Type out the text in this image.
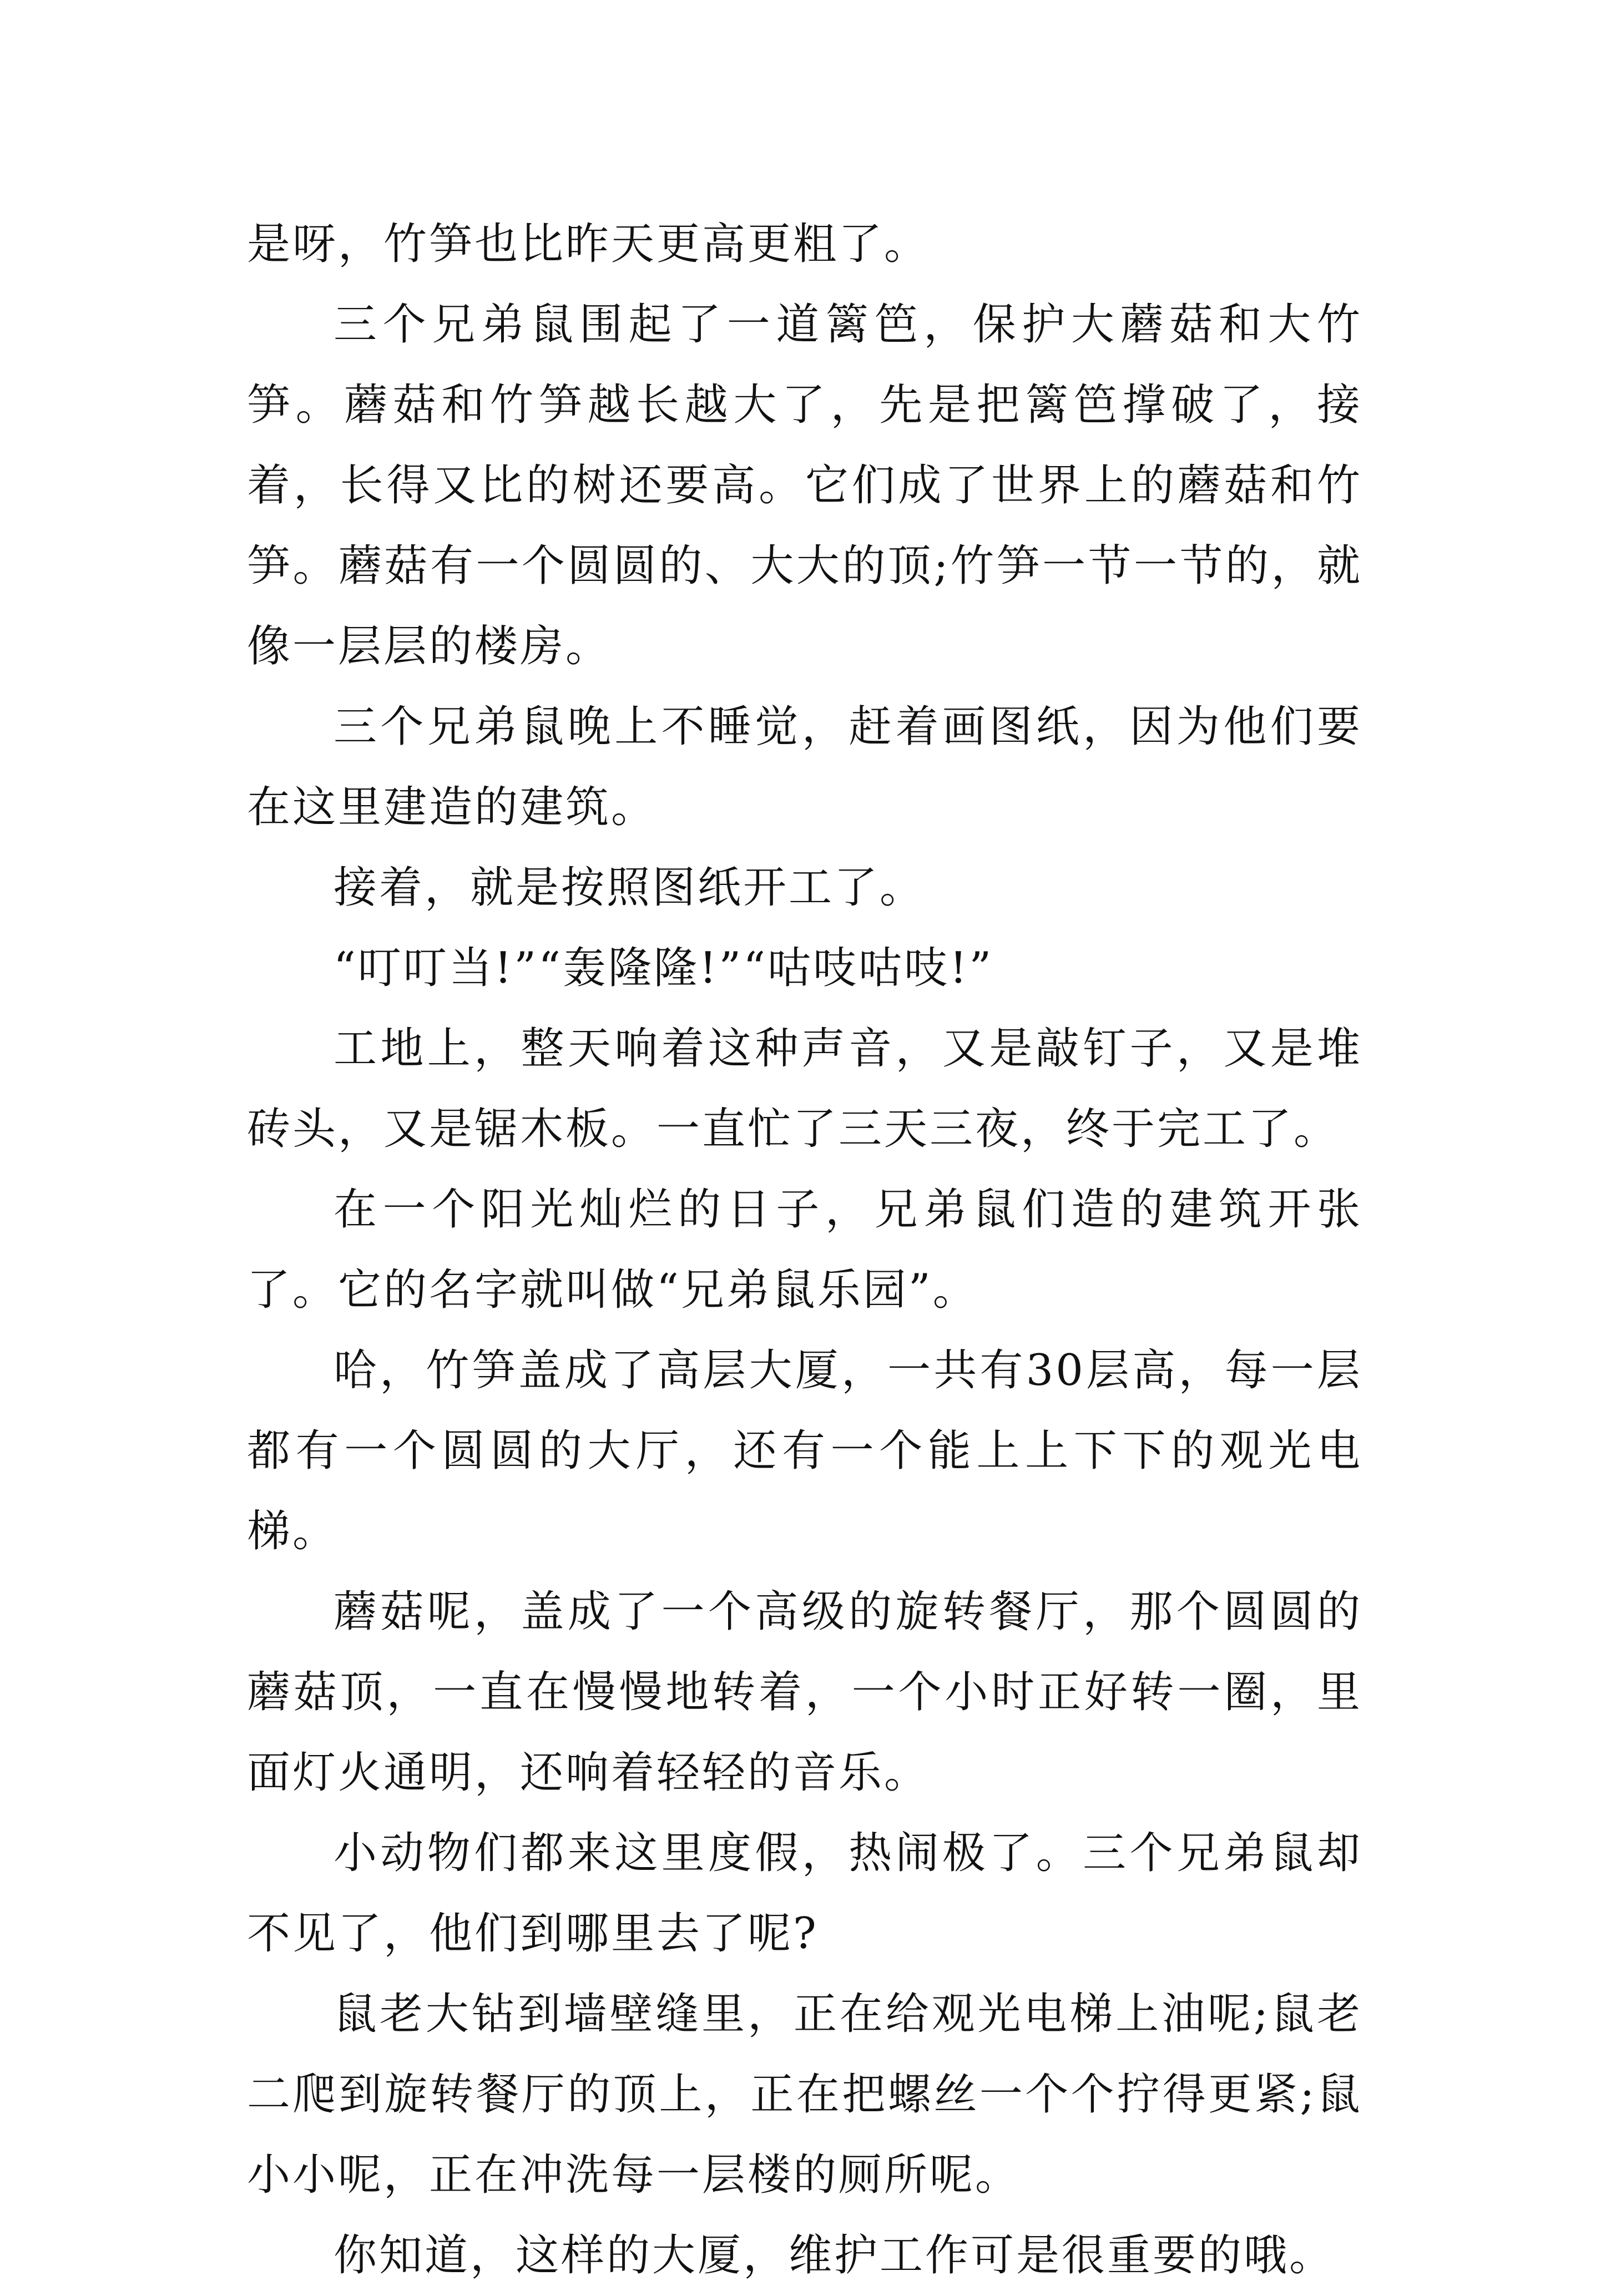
是呀，竹笋也比昨天更高更粗了。

三个兄弟鼠围起了一道篱笆，保护大蘑菇和大竹笋。蘑菇和竹笋越长越大了，先是把篱笆撑破了，接着，长得又比的树还要高。它们成了世界上的蘑菇和竹笋。蘑菇有一个圆圆的、大大的顶;竹笋一节一节的，就像一层层的楼房。

三个兄弟鼠晚上不睡觉，赶着画图纸，因为他们要在这里建造的建筑。

接着，就是按照图纸开工了。

“叮叮当!”“轰隆隆!”“咕吱咕吱!”

工地上，整天响着这种声音，又是敲钉子，又是堆砖头，又是锯木板。一直忙了三天三夜，终于完工了。

在一个阳光灿烂的日子，兄弟鼠们造的建筑开张了。它的名字就叫做“兄弟鼠乐园”。

哈，竹笋盖成了高层大厦，一共有30层高，每一层都有一个圆圆的大厅，还有一个能上上下下的观光电梯。

蘑菇呢，盖成了一个高级的旋转餐厅，那个圆圆的蘑菇顶，一直在慢慢地转着，一个小时正好转一圈，里面灯火通明，还响着轻轻的音乐。

小动物们都来这里度假，热闹极了。三个兄弟鼠却不见了，他们到哪里去了呢?

鼠老大钻到墙壁缝里，正在给观光电梯上油呢;鼠老二爬到旋转餐厅的顶上，正在把螺丝一个个拧得更紧;鼠小小呢，正在冲洗每一层楼的厕所呢。

你知道，这样的大厦，维护工作可是很重要的哦。
